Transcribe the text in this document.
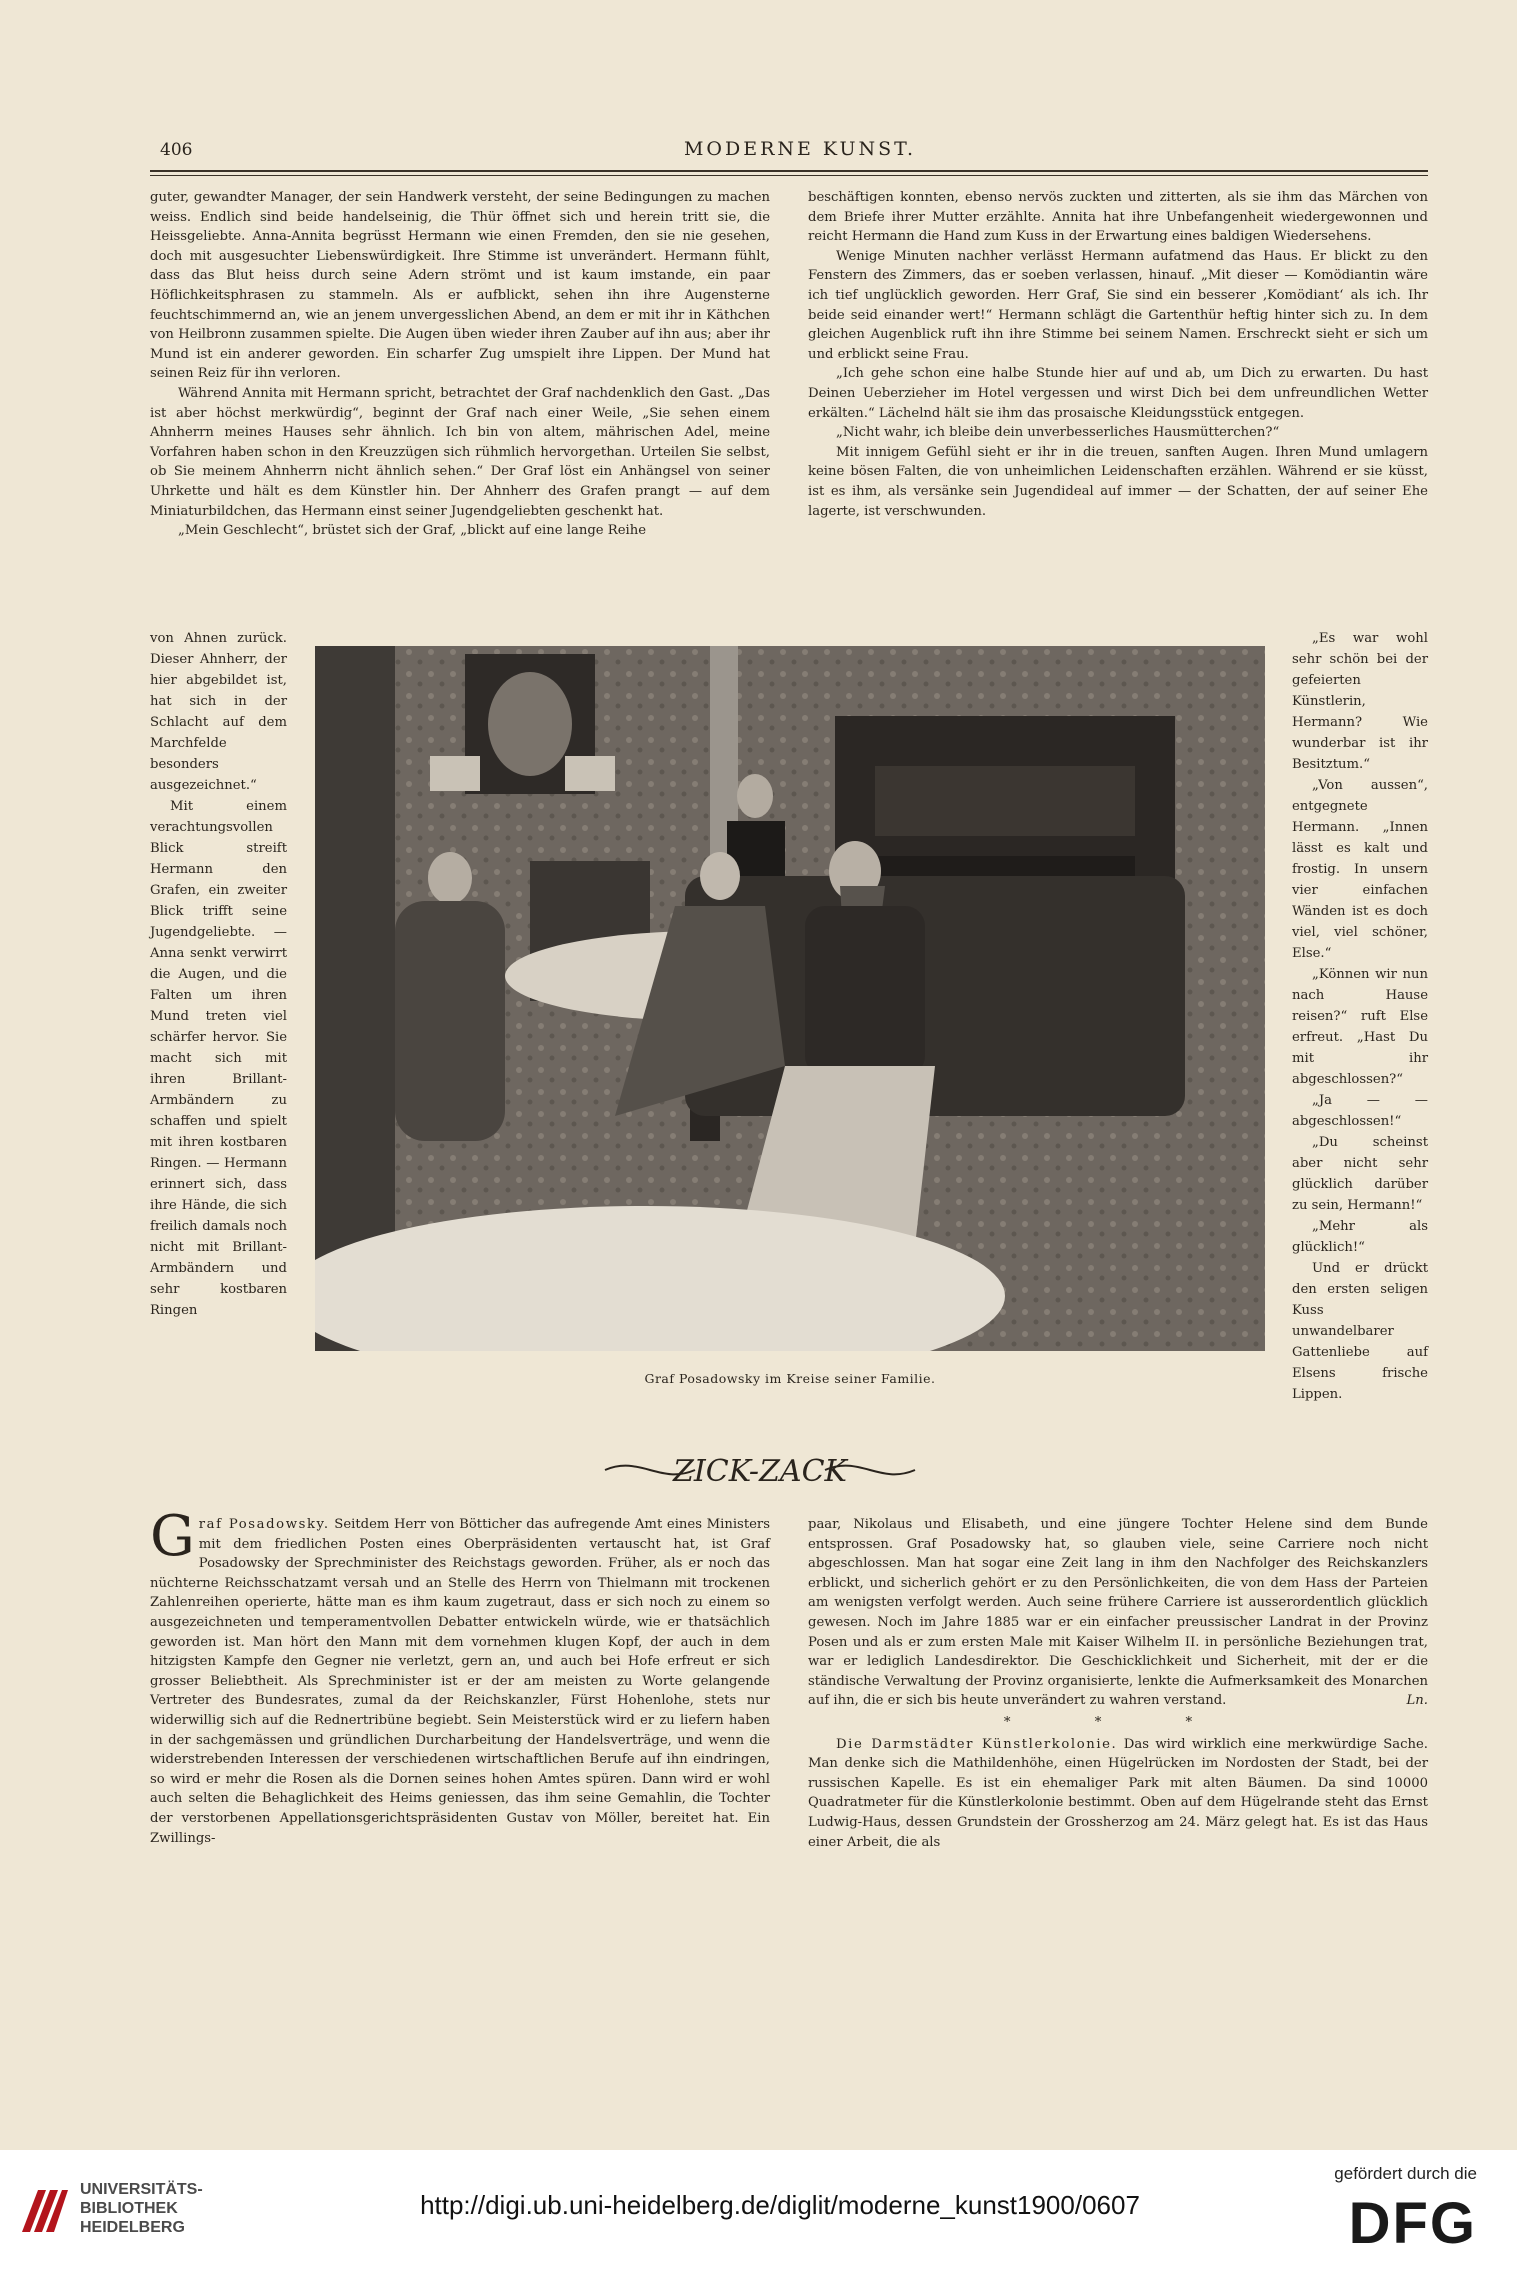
406	MODERNE KUNST.

guter, gewandter Manager, der sein Handwerk versteht, der seine Bedingungen zu machen weiss. Endlich sind beide handelseinig, die Thür öffnet sich und herein tritt sie, die Heissgeliebte. Anna-Annita begrüsst Hermann wie einen Fremden, den sie nie gesehen, doch mit ausgesuchter Liebenswürdigkeit. Ihre Stimme ist unverändert. Hermann fühlt, dass das Blut heiss durch seine Adern strömt und ist kaum imstande, ein paar Höflichkeitsphrasen zu stammeln. Als er aufblickt, sehen ihn ihre Augensterne feuchtschimmernd an, wie an jenem unvergesslichen Abend, an dem er mit ihr in Käthchen von Heilbronn zusammen spielte. Die Augen üben wieder ihren Zauber auf ihn aus; aber ihr Mund ist ein anderer geworden. Ein scharfer Zug umspielt ihre Lippen. Der Mund hat seinen Reiz für ihn verloren.

Während Annita mit Hermann spricht, betrachtet der Graf nachdenklich den Gast. „Das ist aber höchst merkwürdig“, beginnt der Graf nach einer Weile, „Sie sehen einem Ahnherrn meines Hauses sehr ähnlich. Ich bin von altem, mährischen Adel, meine Vorfahren haben schon in den Kreuzzügen sich rühmlich hervorgethan. Urteilen Sie selbst, ob Sie meinem Ahnherrn nicht ähnlich sehen.“ Der Graf löst ein Anhängsel von seiner Uhrkette und hält es dem Künstler hin. Der Ahnherr des Grafen prangt — auf dem Miniaturbildchen, das Hermann einst seiner Jugendgeliebten geschenkt hat.

„Mein Geschlecht“, brüstet sich der Graf, „blickt auf eine lange Reihe

beschäftigen konnten, ebenso nervös zuckten und zitterten, als sie ihm das Märchen von dem Briefe ihrer Mutter erzählte. Annita hat ihre Unbefangenheit wiedergewonnen und reicht Hermann die Hand zum Kuss in der Erwartung eines baldigen Wiedersehens.

Wenige Minuten nachher verlässt Hermann aufatmend das Haus. Er blickt zu den Fenstern des Zimmers, das er soeben verlassen, hinauf. „Mit dieser — Komödiantin wäre ich tief unglücklich geworden. Herr Graf, Sie sind ein besserer ‚Komödiant‘ als ich. Ihr beide seid einander wert!“ Hermann schlägt die Gartenthür heftig hinter sich zu. In dem gleichen Augenblick ruft ihn ihre Stimme bei seinem Namen. Erschreckt sieht er sich um und erblickt seine Frau.

„Ich gehe schon eine halbe Stunde hier auf und ab, um Dich zu erwarten. Du hast Deinen Ueberzieher im Hotel vergessen und wirst Dich bei dem unfreundlichen Wetter erkälten.“ Lächelnd hält sie ihm das prosaische Kleidungsstück entgegen.

„Nicht wahr, ich bleibe dein unverbesserliches Hausmütterchen?“

Mit innigem Gefühl sieht er ihr in die treuen, sanften Augen. Ihren Mund umlagern keine bösen Falten, die von unheimlichen Leidenschaften erzählen. Während er sie küsst, ist es ihm, als versänke sein Jugendideal auf immer — der Schatten, der auf seiner Ehe lagerte, ist verschwunden.

von Ahnen zurück. Dieser Ahnherr, der hier abgebildet ist, hat sich in der Schlacht auf dem Marchfelde besonders ausgezeichnet.“

Mit einem verachtungsvollen Blick streift Hermann den Grafen, ein zweiter Blick trifft seine Jugendgeliebte. — Anna senkt verwirrt die Augen, und die Falten um ihren Mund treten viel schärfer hervor. Sie macht sich mit ihren Brillant-Armbändern zu schaffen und spielt mit ihren kostbaren Ringen. — Hermann erinnert sich, dass ihre Hände, die sich freilich damals noch nicht mit Brillant-Armbändern und sehr kostbaren Ringen

„Es war wohl sehr schön bei der gefeierten Künstlerin, Hermann? Wie wunderbar ist ihr Besitztum.“

„Von aussen“, entgegnete Hermann. „Innen lässt es kalt und frostig. In unsern vier einfachen Wänden ist es doch viel, viel schöner, Else.“

„Können wir nun nach Hause reisen?“ ruft Else erfreut. „Hast Du mit ihr abgeschlossen?“

„Ja — — abgeschlossen!“

„Du scheinst aber nicht sehr glücklich darüber zu sein, Hermann!“

„Mehr als glücklich!“

Und er drückt den ersten seligen Kuss unwandelbarer Gattenliebe auf Elsens frische Lippen.

Graf Posadowsky im Kreise seiner Familie.
ZICK-ZACK

Graf Posadowsky. Seitdem Herr von Bötticher das aufregende Amt eines Ministers mit dem friedlichen Posten eines Oberpräsidenten vertauscht hat, ist Graf Posadowsky der Sprechminister des Reichstags geworden. Früher, als er noch das nüchterne Reichsschatzamt versah und an Stelle des Herrn von Thielmann mit trockenen Zahlenreihen operierte, hätte man es ihm kaum zugetraut, dass er sich noch zu einem so ausgezeichneten und temperamentvollen Debatter entwickeln würde, wie er thatsächlich geworden ist. Man hört den Mann mit dem vornehmen klugen Kopf, der auch in dem hitzigsten Kampfe den Gegner nie verletzt, gern an, und auch bei Hofe erfreut er sich grosser Beliebtheit. Als Sprechminister ist er der am meisten zu Worte gelangende Vertreter des Bundesrates, zumal da der Reichskanzler, Fürst Hohenlohe, stets nur widerwillig sich auf die Rednertribüne begiebt. Sein Meisterstück wird er zu liefern haben in der sachgemässen und gründlichen Durcharbeitung der Handelsverträge, und wenn die widerstrebenden Interessen der verschiedenen wirtschaftlichen Berufe auf ihn eindringen, so wird er mehr die Rosen als die Dornen seines hohen Amtes spüren. Dann wird er wohl auch selten die Behaglichkeit des Heims geniessen, das ihm seine Gemahlin, die Tochter der verstorbenen Appellationsgerichtspräsidenten Gustav von Möller, bereitet hat. Ein Zwillings-

paar, Nikolaus und Elisabeth, und eine jüngere Tochter Helene sind dem Bunde entsprossen. Graf Posadowsky hat, so glauben viele, seine Carriere noch nicht abgeschlossen. Man hat sogar eine Zeit lang in ihm den Nachfolger des Reichskanzlers erblickt, und sicherlich gehört er zu den Persönlichkeiten, die von dem Hass der Parteien am wenigsten verfolgt werden. Auch seine frühere Carriere ist ausserordentlich glücklich gewesen. Noch im Jahre 1885 war er ein einfacher preussischer Landrat in der Provinz Posen und als er zum ersten Male mit Kaiser Wilhelm II. in persönliche Beziehungen trat, war er lediglich Landesdirektor. Die Geschicklichkeit und Sicherheit, mit der er die ständische Verwaltung der Provinz organisierte, lenkte die Aufmerksamkeit des Monarchen auf ihn, die er sich bis heute unverändert zu wahren verstand.	Ln.

* * *

Die Darmstädter Künstlerkolonie. Das wird wirklich eine merkwürdige Sache. Man denke sich die Mathildenhöhe, einen Hügelrücken im Nordosten der Stadt, bei der russischen Kapelle. Es ist ein ehemaliger Park mit alten Bäumen. Da sind 10000 Quadratmeter für die Künstlerkolonie bestimmt. Oben auf dem Hügelrande steht das Ernst Ludwig-Haus, dessen Grundstein der Grossherzog am 24. März gelegt hat. Es ist das Haus einer Arbeit, die als

UNIVERSITÄTS-
BIBLIOTHEK
HEIDELBERG
http://digi.ub.uni-heidelberg.de/diglit/moderne_kunst1900/0607
gefördert durch die
DFG
